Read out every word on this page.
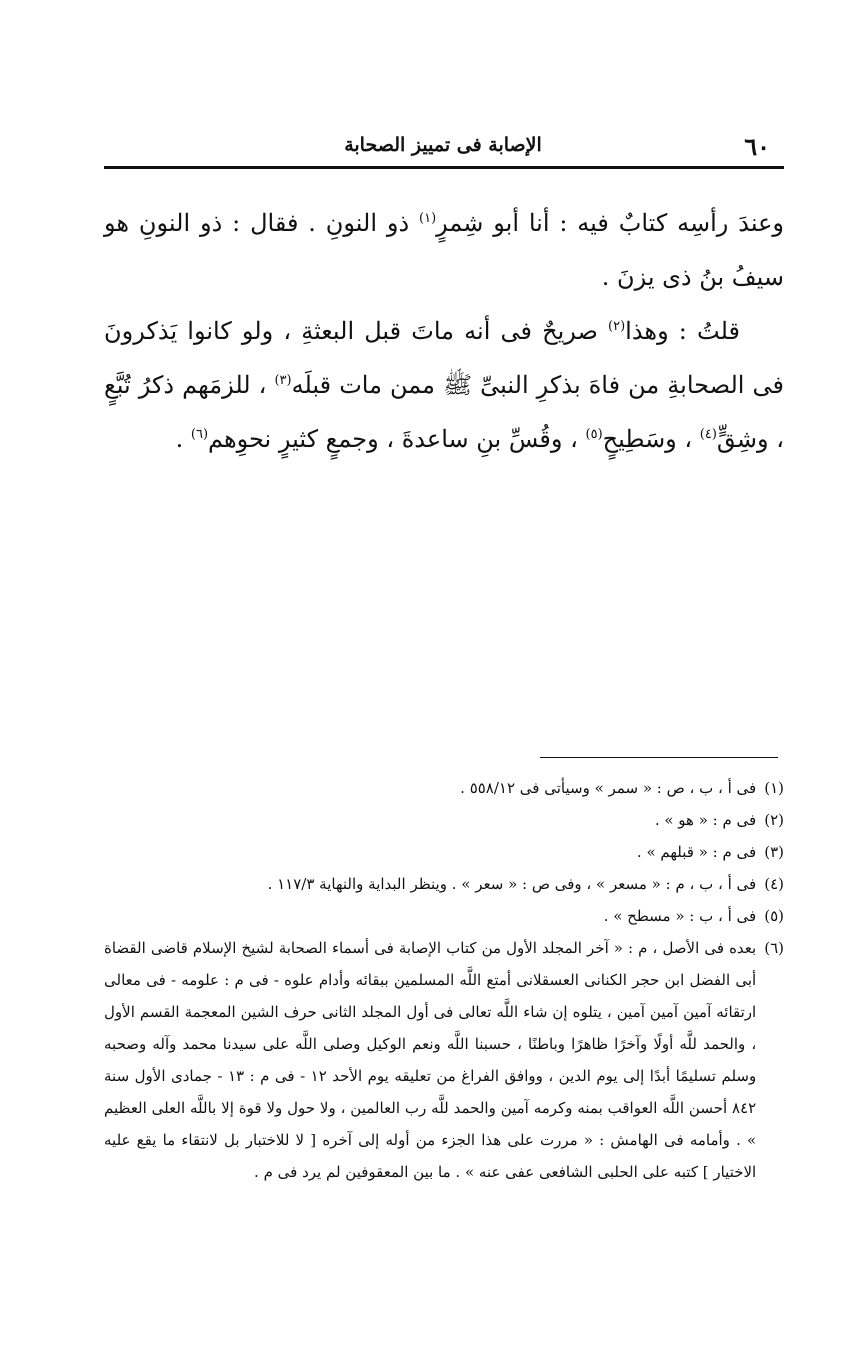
٦٠
الإصابة فى تمييز الصحابة

وعندَ رأسِه كتابٌ فيه : أنا أبو شِمرٍ$^{(١)}$ ذو النونِ . فقال : ذو النونِ هو سيفُ بنُ ذى يزنَ .

قلتُ : وهذا$^{(٢)}$ صريحٌ فى أنه ماتَ قبل البعثةِ ، ولو كانوا يَذكرونَ فى الصحابةِ من فاهَ بذكرِ النبىِّ ﷺ ممن مات قبلَه$^{(٣)}$ ، للزمَهم ذكرُ تُبَّعٍ ، وشِقٍّ$^{(٤)}$ ، وسَطِيحٍ$^{(٥)}$ ، وقُسِّ بنِ ساعدةَ ، وجمعٍ كثيرٍ نحوِهم$^{(٦)}$ .

(١)
فى أ ، ب ، ص : « سمر » وسيأتى فى ٥٥٨/١٢ .
(٢)
فى م : « هو » .
(٣)
فى م : « قبلهم » .
(٤)
فى أ ، ب ، م : « مسعر » ، وفى ص : « سعر » . وينظر البداية والنهاية ١١٧/٣ .
(٥)
فى أ ، ب : « مسطح » .
(٦)
بعده فى الأصل ، م : « آخر المجلد الأول من كتاب الإصابة فى أسماء الصحابة لشيخ الإسلام قاضى القضاة أبى الفضل ابن حجر الكنانى العسقلانى أمتع اللَّه المسلمين ببقائه وأدام علوه - فى م : علومه - فى معالى ارتقائه آمين آمين آمين ، يتلوه إن شاء اللَّه تعالى فى أول المجلد الثانى حرف الشين المعجمة القسم الأول ، والحمد للَّه أولًا وآخرًا ظاهرًا وباطنًا ، حسبنا اللَّه ونعم الوكيل وصلى اللَّه على سيدنا محمد وآله وصحبه وسلم تسليمًا أبدًا إلى يوم الدين ، ووافق الفراغ من تعليقه يوم الأحد ١٢ - فى م : ١٣ - جمادى الأول سنة ٨٤٢ أحسن اللَّه العواقب بمنه وكرمه آمين والحمد للَّه رب العالمين ، ولا حول ولا قوة إلا باللَّه العلى العظيم » . وأمامه فى الهامش : « مررت على هذا الجزء من أوله إلى آخره [ لا للاختبار بل لانتقاء ما يقع عليه الاختيار ] كتبه على الحلبى الشافعى عفى عنه » . ما بين المعقوفين لم يرد فى م .
